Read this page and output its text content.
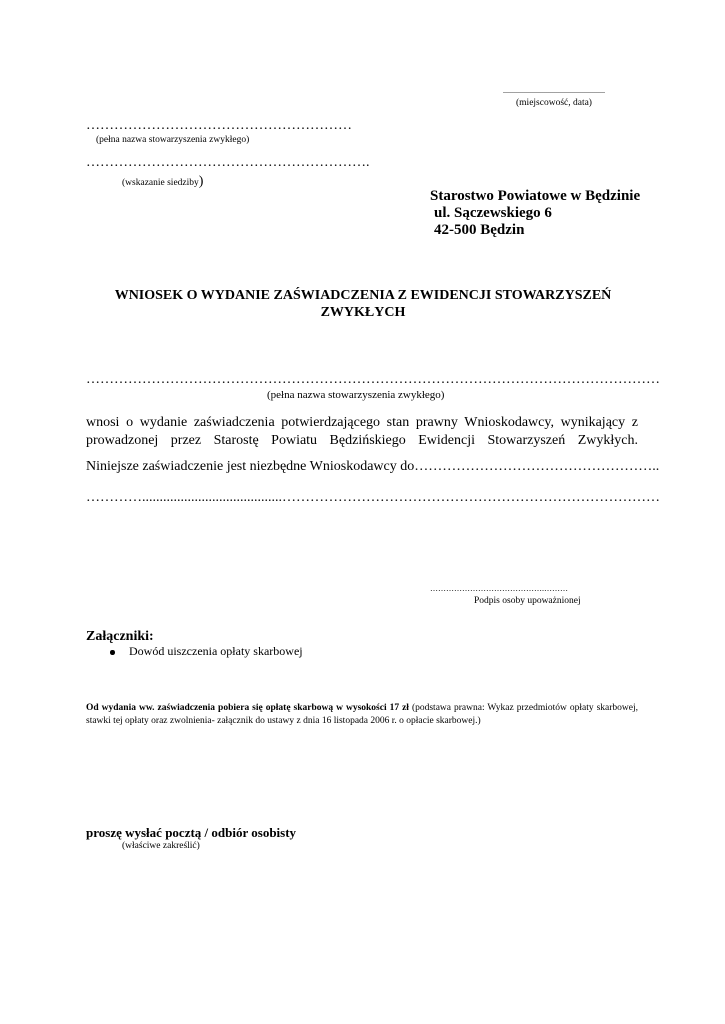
...................................................
(miejscowość, data)
…………………………………………………
(pełna nazwa stowarzyszenia zwykłego)
…………………………………………………….
(wskazanie siedziby)
Starostwo Powiatowe w Będzinie
ul. Sączewskiego 6
42-500 Będzin
WNIOSEK O WYDANIE ZAŚWIADCZENIA Z EWIDENCJI STOWARZYSZEŃ ZWYKŁYCH
……………………………………………………………………………………………………………
(pełna nazwa stowarzyszenia zwykłego)
wnosi o wydanie zaświadczenia potwierdzającego stan prawny Wnioskodawcy, wynikający z prowadzonej przez Starostę Powiatu Będzińskiego Ewidencji Stowarzyszeń Zwykłych.
Niniejsze zaświadczenie jest niezbędne Wnioskodawcy do……………………………………………..
…………........................................………………………………………………………………………
…………………………………….………
Podpis osoby upoważnionej
Załączniki:
Dowód uiszczenia opłaty skarbowej
Od wydania ww. zaświadczenia pobiera się opłatę skarbową w wysokości 17 zł (podstawa prawna: Wykaz przedmiotów opłaty skarbowej, stawki tej opłaty oraz zwolnienia- załącznik do ustawy z dnia 16 listopada 2006 r. o opłacie skarbowej.)
proszę wysłać pocztą / odbiór osobisty
(właściwe zakreślić)
